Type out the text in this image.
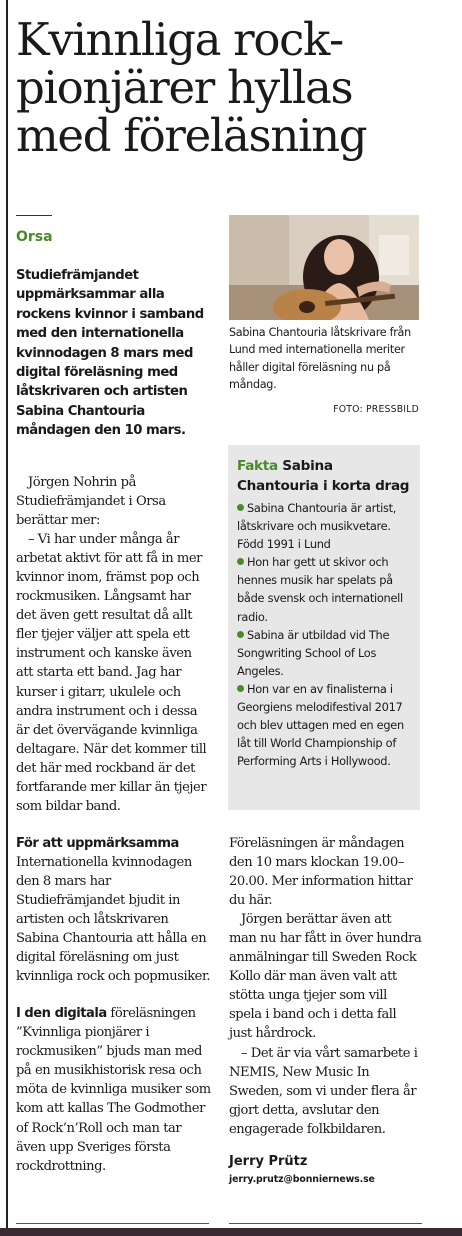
Kvinnliga rockpionjärer hyllas med föreläsning
Orsa

Studiefrämjandet uppmärksammar alla rockens kvinnor i samband med den internationella kvinnodagen 8 mars med digital föreläsning med låtskrivaren och artisten Sabina Chantouria måndagen den 10 mars.

Jörgen Nohrin på Studiefrämjandet i Orsa berättar mer:

– Vi har under många år arbetat aktivt för att få in mer kvinnor inom, främst pop och rockmusiken. Långsamt har det även gett resultat då allt fler tjejer väljer att spela ett instrument och kanske även att starta ett band. Jag har kurser i gitarr, ukulele och andra instrument och i dessa är det övervägande kvinnliga deltagare. När det kommer till det här med rockband är det fortfarande mer killar än tjejer som bildar band.

För att uppmärksamma Internationella kvinnodagen den 8 mars har Studiefrämjandet bjudit in artisten och låtskrivaren Sabina Chantouria att hålla en digital föreläsning om just kvinnliga rock och popmusiker.

I den digitala föreläsningen ”Kvinnliga pionjärer i rockmusiken” bjuds man med på en musikhistorisk resa och möta de kvinnliga musiker som kom att kallas The Godmother of Rock’n’Roll och man tar även upp Sveriges första rockdrottning.

Sabina Chantouria låtskrivare från Lund med internationella meriter håller digital föreläsning nu på måndag.

FOTO: PRESSBILD

Fakta Sabina Chantouria i korta drag

Sabina Chantouria är artist, låtskrivare och musikvetare. Född 1991 i Lund
Hon har gett ut skivor och hennes musik har spelats på både svensk och internationell radio.
Sabina är utbildad vid The Songwriting School of Los Angeles.
Hon var en av finalisterna i Georgiens melodifestival 2017 och blev uttagen med en egen låt till World Championship of Performing Arts i Hollywood.

Föreläsningen är måndagen den 10 mars klockan 19.00–20.00. Mer information hittar du här.

Jörgen berättar även att man nu har fått in över hundra anmälningar till Sweden Rock Kollo där man även valt att stötta unga tjejer som vill spela i band och i detta fall just hårdrock.

– Det är via vårt samarbete i NEMIS, New Music In Sweden, som vi under flera år gjort detta, avslutar den engagerade folkbildaren.

Jerry Prütz
jerry.prutz@bonniernews.se
